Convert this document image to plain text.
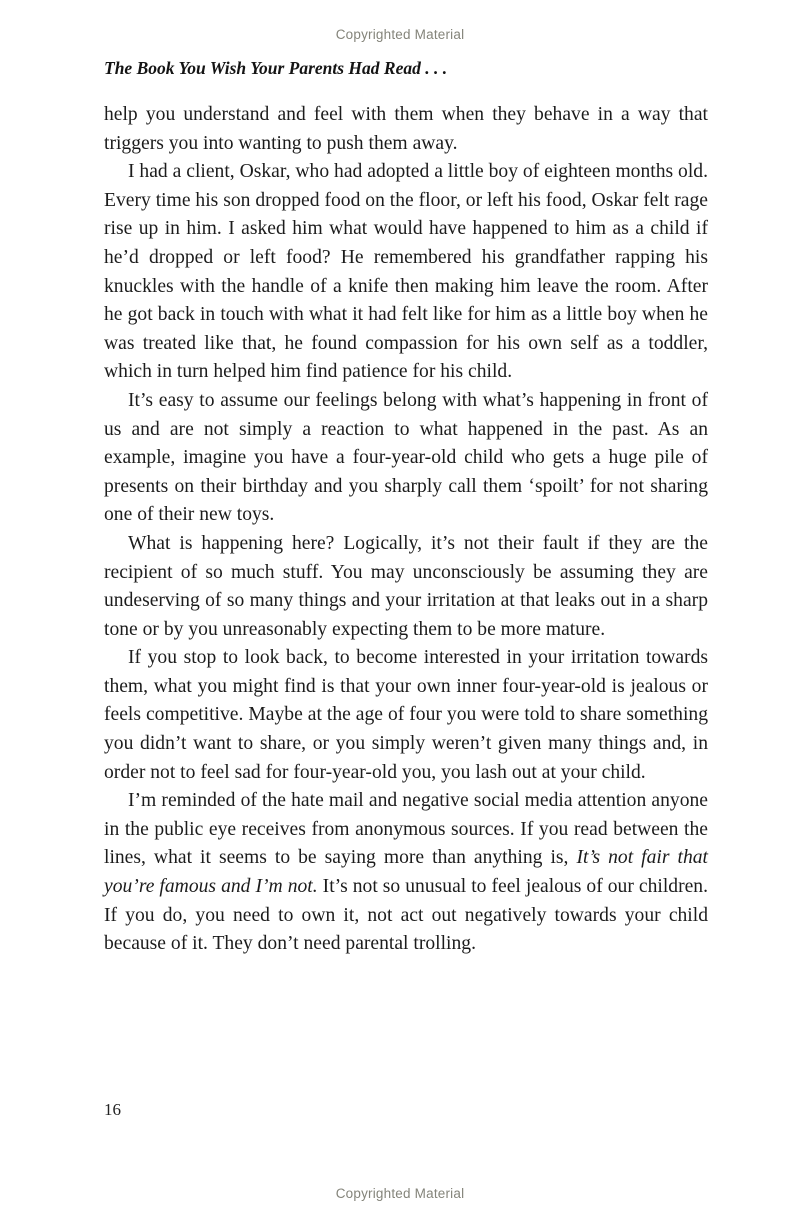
Copyrighted Material
The Book You Wish Your Parents Had Read . . .

help you understand and feel with them when they behave in a way that triggers you into wanting to push them away.

I had a client, Oskar, who had adopted a little boy of eighteen months old. Every time his son dropped food on the floor, or left his food, Oskar felt rage rise up in him. I asked him what would have happened to him as a child if he’d dropped or left food? He remembered his grandfather rapping his knuckles with the handle of a knife then making him leave the room. After he got back in touch with what it had felt like for him as a little boy when he was treated like that, he found compassion for his own self as a toddler, which in turn helped him find patience for his child.

It’s easy to assume our feelings belong with what’s happening in front of us and are not simply a reaction to what happened in the past. As an example, imagine you have a four-year-old child who gets a huge pile of presents on their birthday and you sharply call them ‘spoilt’ for not sharing one of their new toys.

What is happening here? Logically, it’s not their fault if they are the recipient of so much stuff. You may unconsciously be assuming they are undeserving of so many things and your irritation at that leaks out in a sharp tone or by you unreasonably expecting them to be more mature.

If you stop to look back, to become interested in your irritation towards them, what you might find is that your own inner four-year-old is jealous or feels competitive. Maybe at the age of four you were told to share something you didn’t want to share, or you simply weren’t given many things and, in order not to feel sad for four-year-old you, you lash out at your child.

I’m reminded of the hate mail and negative social media attention anyone in the public eye receives from anonymous sources. If you read between the lines, what it seems to be saying more than anything is, It’s not fair that you’re famous and I’m not. It’s not so unusual to feel jealous of our children. If you do, you need to own it, not act out negatively towards your child because of it. They don’t need parental trolling.

16
Copyrighted Material
